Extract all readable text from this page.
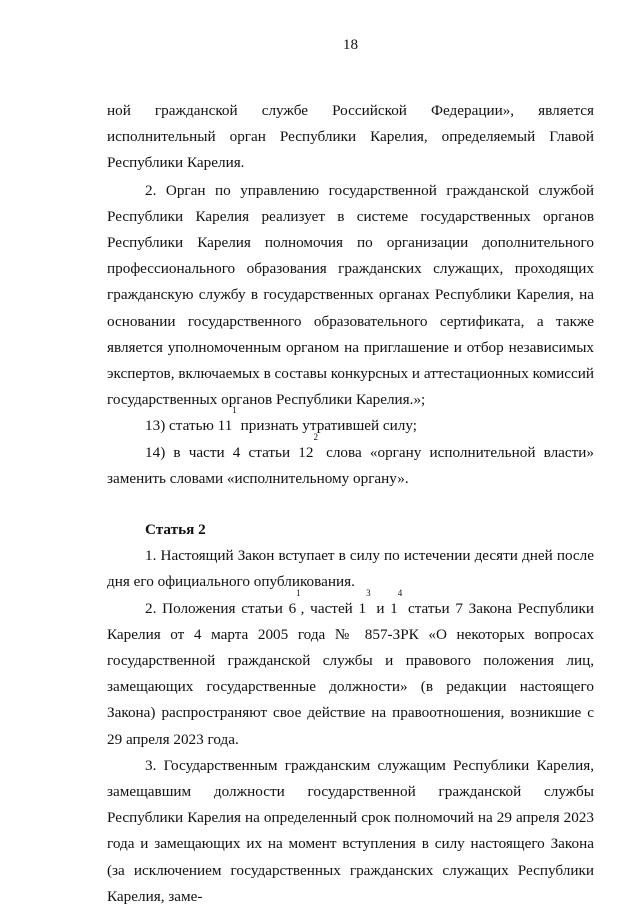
18

ной гражданской службе Российской Федерации», является исполнительный орган Республики Карелия, определяемый Главой Республики Карелия.

2. Орган по управлению государственной гражданской службой Республики Карелия реализует в системе государственных органов Республики Карелия полномочия по организации дополнительного профессионального образования гражданских служащих, проходящих гражданскую службу в государственных органах Республики Карелия, на основании государственного образовательного сертификата, а также является уполномоченным органом на приглашение и отбор независимых экспертов, включаемых в составы конкурсных и аттестационных комиссий государственных органов Республики Карелия.»;

13) статью $11^1$ признать утратившей силу;

14) в части 4 статьи $12^2$ слова «органу исполнительной власти» заменить словами «исполнительному органу».

Статья 2

1. Настоящий Закон вступает в силу по истечении десяти дней после дня его официального опубликования.

2. Положения статьи $6^1$, частей $1^3$ и $1^4$ статьи 7 Закона Республики Карелия от 4 марта 2005 года № 857-ЗРК «О некоторых вопросах государственной гражданской службы и правового положения лиц, замещающих государственные должности» (в редакции настоящего Закона) распространяют свое действие на правоотношения, возникшие с 29 апреля 2023 года.

3. Государственным гражданским служащим Республики Карелия, замещавшим должности государственной гражданской службы Республики Карелия на определенный срок полномочий на 29 апреля 2023 года и замещающих их на момент вступления в силу настоящего Закона (за исключением государственных гражданских служащих Республики Карелия, заме-
